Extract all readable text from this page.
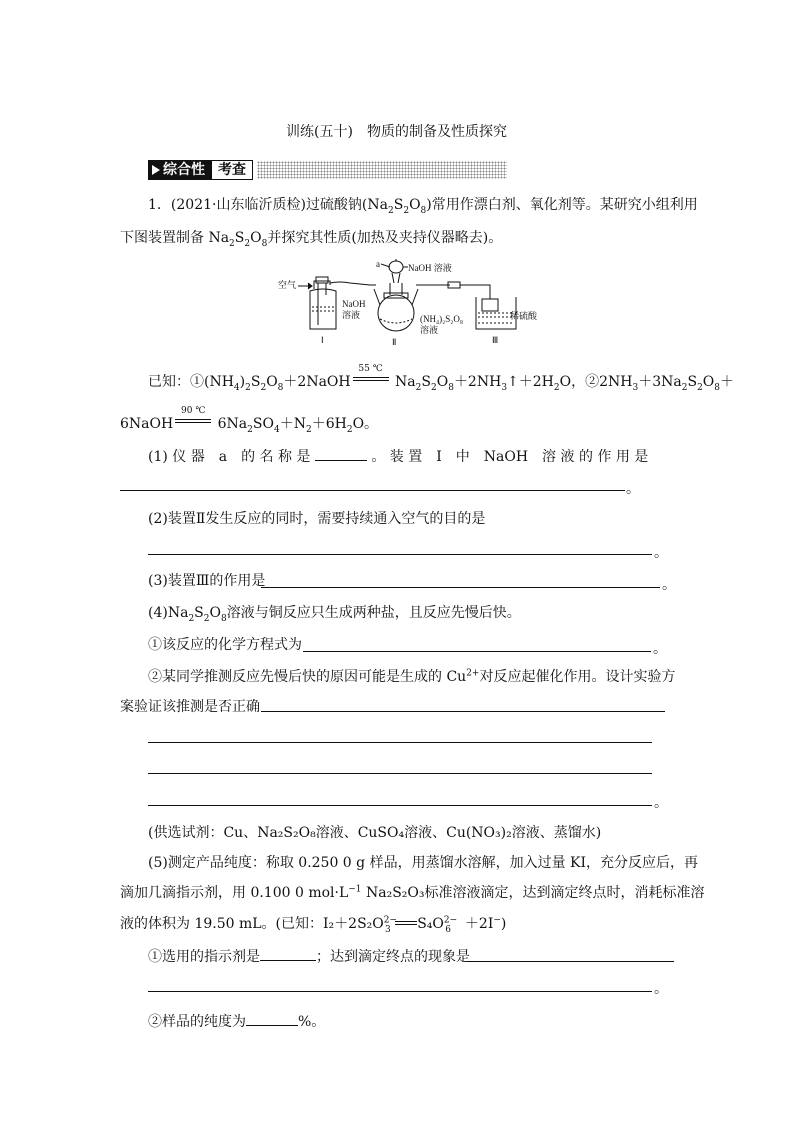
训练(五十)　物质的制备及性质探究
综合性 考查
1．(2021·山东临沂质检)过硫酸钠$(Na_2S_2O_8)$常用作漂白剂、氧化剂等。某研究小组利用
下图装置制备 $Na_2S_2O_8$并探究其性质(加热及夹持仪器略去)。
a	NaOH 溶液
空气
NaOH
溶液
Ⅰ
(NH₄)₂S₂O₈
溶液
Ⅱ
稀硫酸
Ⅲ
已知：$①(NH_4)_2S_2O_8+2NaOH$
55 ℃
$Na_2S_2O_8+2NH_3↑+2H_2O$，$②2NH_3+3Na_2S_2O_8+$
6NaOH
90 ℃
$6Na_2SO_4+N_2+6H_2O$。
(1) 仪 器　a　的 名 称 是	。 装 置　Ⅰ　中　NaOH　溶 液 的 作 用 是
。
(2)装置Ⅱ发生反应的同时，需要持续通入空气的目的是
。
(3)装置Ⅲ的作用是	。
$(4)Na_2S_2O_8$溶液与铜反应只生成两种盐，且反应先慢后快。
①该反应的化学方程式为	。
②某同学推测反应先慢后快的原因可能是生成的 $Cu^{2+}$对反应起催化作用。设计实验方
案验证该推测是否正确
。
(供选试剂：Cu、Na₂S₂O₈溶液、CuSO₄溶液、Cu(NO₃)₂溶液、蒸馏水)
(5)测定产品纯度：称取 0.250 0 g 样品，用蒸馏水溶解，加入过量 KI，充分反应后，再
滴加几滴指示剂，用 0.100 0 $mol\cdot L^{-1}$ Na₂S₂O₃标准溶液滴定，达到滴定终点时，消耗标准溶
液的体积为 19.50 mL。(已知：$I_2+2S_2O^{2-}_3$ $S_4O^{2-}_6$　 ＋2I−)
①选用的指示剂是	；达到滴定终点的现象是
。
②样品的纯度为	%。
